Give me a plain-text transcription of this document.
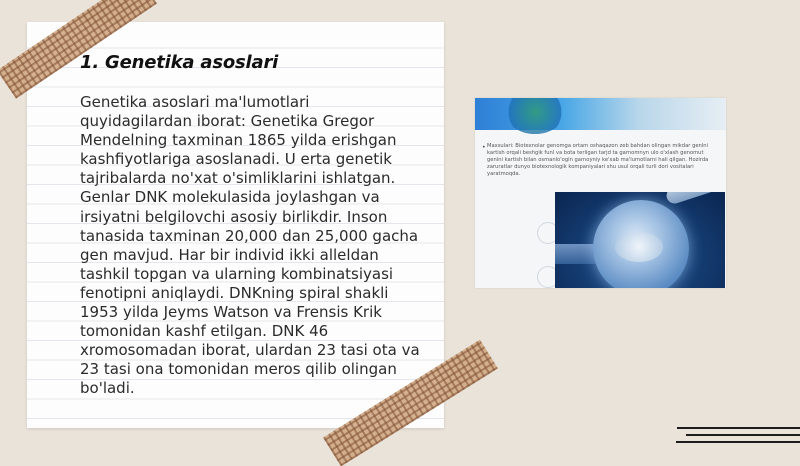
1. Genetika asoslari

Genetika asoslari ma'lumotlari quyidagilardan iborat: Genetika Gregor Mendelning taxminan 1865 yilda erishgan kashfiyotlariga asoslanadi. U erta genetik tajribalarda no'xat o'simliklarini ishlatgan. Genlar DNK molekulasida joylashgan va irsiyatni belgilovchi asosiy birlikdir. Inson tanasida taxminan 20,000 dan 25,000 gacha gen mavjud. Har bir individ ikki alleldan tashkil topgan va ularning kombinatsiyasi fenotipni aniqlaydi. DNKning spiral shakli 1953 yilda Jeyms Watson va Frensis Krik tomonidan kashf etilgan. DNK 46 xromosomadan iborat, ulardan 23 tasi ota va 23 tasi ona tomonidan meros qilib olingan bo'ladi.

• Maxsulari: Biotexnolar genomga ortam oshaqazon zeb bahdan olingan mikdar genlni kartish orqali beshgik funl va bota terligan tarjd ta garnomnyn ulo o'xlash genomut genlni kartish bilan osmanlo'ogin garnoyniy ke'xab ma'lumotlarni hali qilgan. Hozirda zaruratlar dunyo biotexnologik kompaniyalari shu usul orqali turli dori vositalari yaratmoqda.
